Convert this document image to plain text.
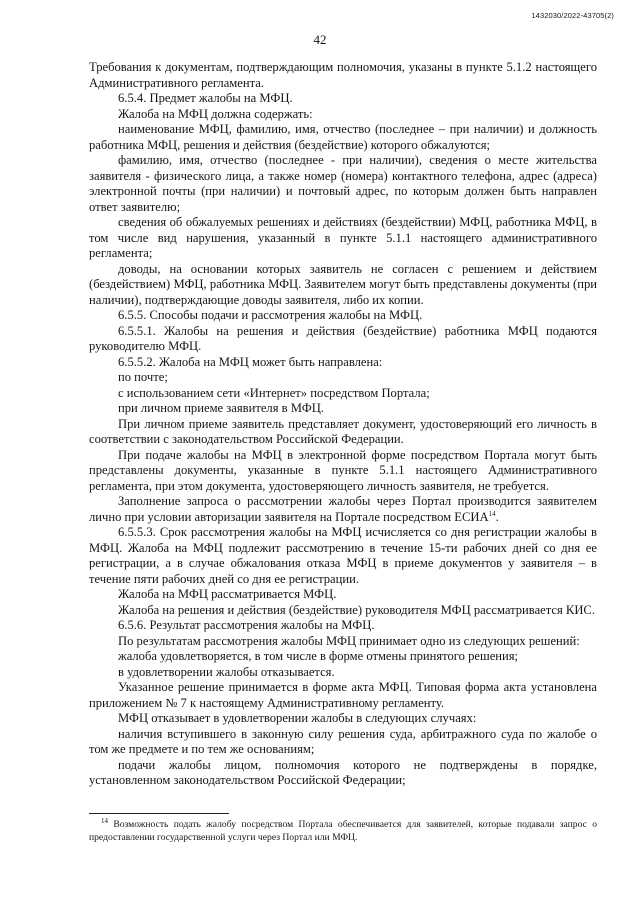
1432030/2022-43705(2)
42

Требования к документам, подтверждающим полномочия, указаны в пункте 5.1.2 настоящего Административного регламента.

6.5.4. Предмет жалобы на МФЦ.

Жалоба на МФЦ должна содержать:

наименование МФЦ, фамилию, имя, отчество (последнее – при наличии) и должность работника МФЦ, решения и действия (бездействие) которого обжалуются;

фамилию, имя, отчество (последнее - при наличии), сведения о месте жительства заявителя - физического лица, а также номер (номера) контактного телефона, адрес (адреса) электронной почты (при наличии) и почтовый адрес, по которым должен быть направлен ответ заявителю;

сведения об обжалуемых решениях и действиях (бездействии) МФЦ, работника МФЦ, в том числе вид нарушения, указанный в пункте 5.1.1 настоящего административного регламента;

доводы, на основании которых заявитель не согласен с решением и действием (бездействием) МФЦ, работника МФЦ. Заявителем могут быть представлены документы (при наличии), подтверждающие доводы заявителя, либо их копии.

6.5.5. Способы подачи и рассмотрения жалобы на МФЦ.

6.5.5.1. Жалобы на решения и действия (бездействие) работника МФЦ подаются руководителю МФЦ.

6.5.5.2. Жалоба на МФЦ может быть направлена:

по почте;

с использованием сети «Интернет» посредством Портала;

при личном приеме заявителя в МФЦ.

При личном приеме заявитель представляет документ, удостоверяющий его личность в соответствии с законодательством Российской Федерации.

При подаче жалобы на МФЦ в электронной форме посредством Портала могут быть представлены документы, указанные в пункте 5.1.1 настоящего Административного регламента, при этом документа, удостоверяющего личность заявителя, не требуется.

Заполнение запроса о рассмотрении жалобы через Портал производится заявителем лично при условии авторизации заявителя на Портале посредством ЕСИА$^{14}$.

6.5.5.3. Срок рассмотрения жалобы на МФЦ исчисляется со дня регистрации жалобы в МФЦ. Жалоба на МФЦ подлежит рассмотрению в течение 15-ти рабочих дней со дня ее регистрации, а в случае обжалования отказа МФЦ в приеме документов у заявителя – в течение пяти рабочих дней со дня ее регистрации.

Жалоба на МФЦ рассматривается МФЦ.

Жалоба на решения и действия (бездействие) руководителя МФЦ рассматривается КИС.

6.5.6. Результат рассмотрения жалобы на МФЦ.

По результатам рассмотрения жалобы МФЦ принимает одно из следующих решений:

жалоба удовлетворяется, в том числе в форме отмены принятого решения;

в удовлетворении жалобы отказывается.

Указанное решение принимается в форме акта МФЦ. Типовая форма акта установлена приложением № 7 к настоящему Административному регламенту.

МФЦ отказывает в удовлетворении жалобы в следующих случаях:

наличия вступившего в законную силу решения суда, арбитражного суда по жалобе о том же предмете и по тем же основаниям;

подачи жалобы лицом, полномочия которого не подтверждены в порядке, установленном законодательством Российской Федерации;

$^{14}$ Возможность подать жалобу посредством Портала обеспечивается для заявителей, которые подавали запрос о предоставлении государственной услуги через Портал или МФЦ.
